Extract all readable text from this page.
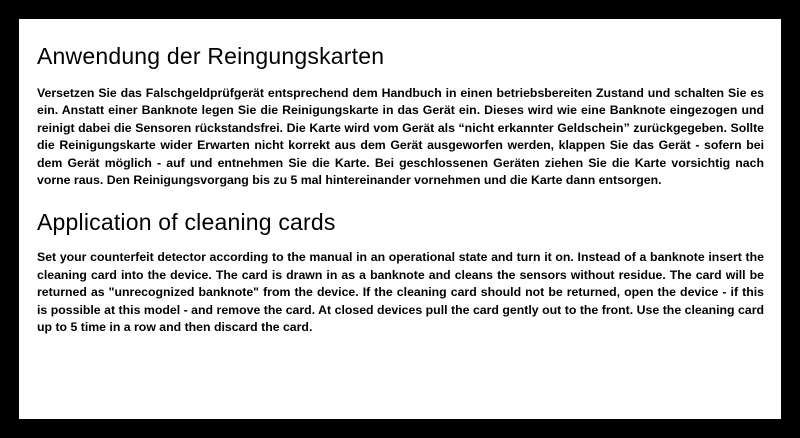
Anwendung der Reingungskarten

Versetzen Sie das Falschgeldprüfgerät entsprechend dem Handbuch in einen betriebsbereiten Zustand und schalten Sie es ein. Anstatt einer Banknote legen Sie die Reinigungskarte in das Gerät ein. Dieses wird wie eine Banknote eingezogen und reinigt dabei die Sensoren rückstandsfrei. Die Karte wird vom Gerät als “nicht erkannter Geldschein” zurückgegeben. Sollte die Reinigungskarte wider Erwarten nicht korrekt aus dem Gerät ausgeworfen werden, klappen Sie das Gerät - sofern bei dem Gerät möglich - auf und entnehmen Sie die Karte. Bei geschlossenen Geräten ziehen Sie die Karte vorsichtig nach vorne raus. Den Reinigungsvorgang bis zu 5 mal hintereinander vornehmen und die Karte dann entsorgen.

Application of cleaning cards

Set your counterfeit detector according to the manual in an operational state and turn it on. Instead of a banknote insert the cleaning card into the device. The card is drawn in as a banknote and cleans the sensors without residue. The card will be returned as "unrecognized banknote" from the device. If the cleaning card should not be returned, open the device - if this is possible at this model - and remove the card. At closed devices pull the card gently out to the front. Use the cleaning card up to 5 time in a row and then discard the card.
